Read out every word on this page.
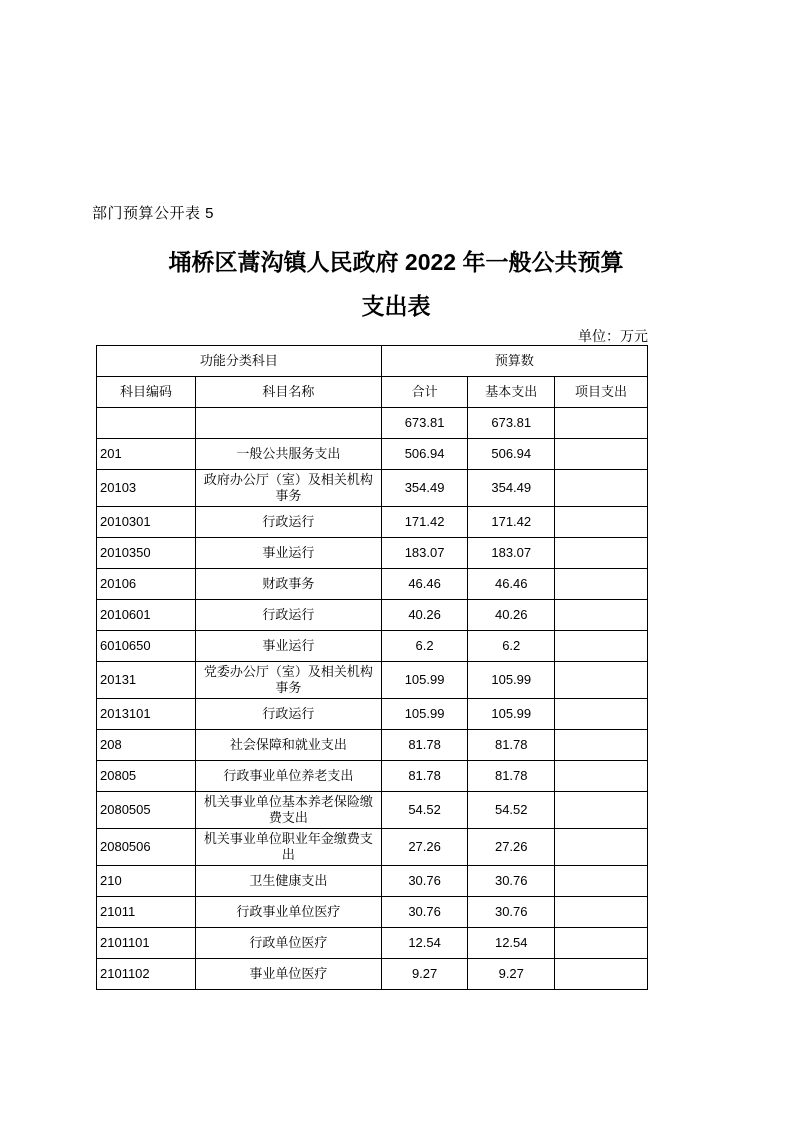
部门预算公开表 5
埇桥区蒿沟镇人民政府 2022 年一般公共预算
支出表
单位：万元
功能分类科目		预算数		
科目编码	科目名称	合计	基本支出	项目支出
		673.81	673.81	
201	一般公共服务支出	506.94	506.94	
20103	政府办公厅（室）及相关机构事务	354.49	354.49	
2010301	行政运行	171.42	171.42	
2010350	事业运行	183.07	183.07	
20106	财政事务	46.46	46.46	
2010601	行政运行	40.26	40.26	
6010650	事业运行	6.2	6.2	
20131	党委办公厅（室）及相关机构事务	105.99	105.99	
2013101	行政运行	105.99	105.99	
208	社会保障和就业支出	81.78	81.78	
20805	行政事业单位养老支出	81.78	81.78	
2080505	机关事业单位基本养老保险缴费支出	54.52	54.52	
2080506	机关事业单位职业年金缴费支出	27.26	27.26	
210	卫生健康支出	30.76	30.76	
21011	行政事业单位医疗	30.76	30.76	
2101101	行政单位医疗	12.54	12.54	
2101102	事业单位医疗	9.27	9.27	
